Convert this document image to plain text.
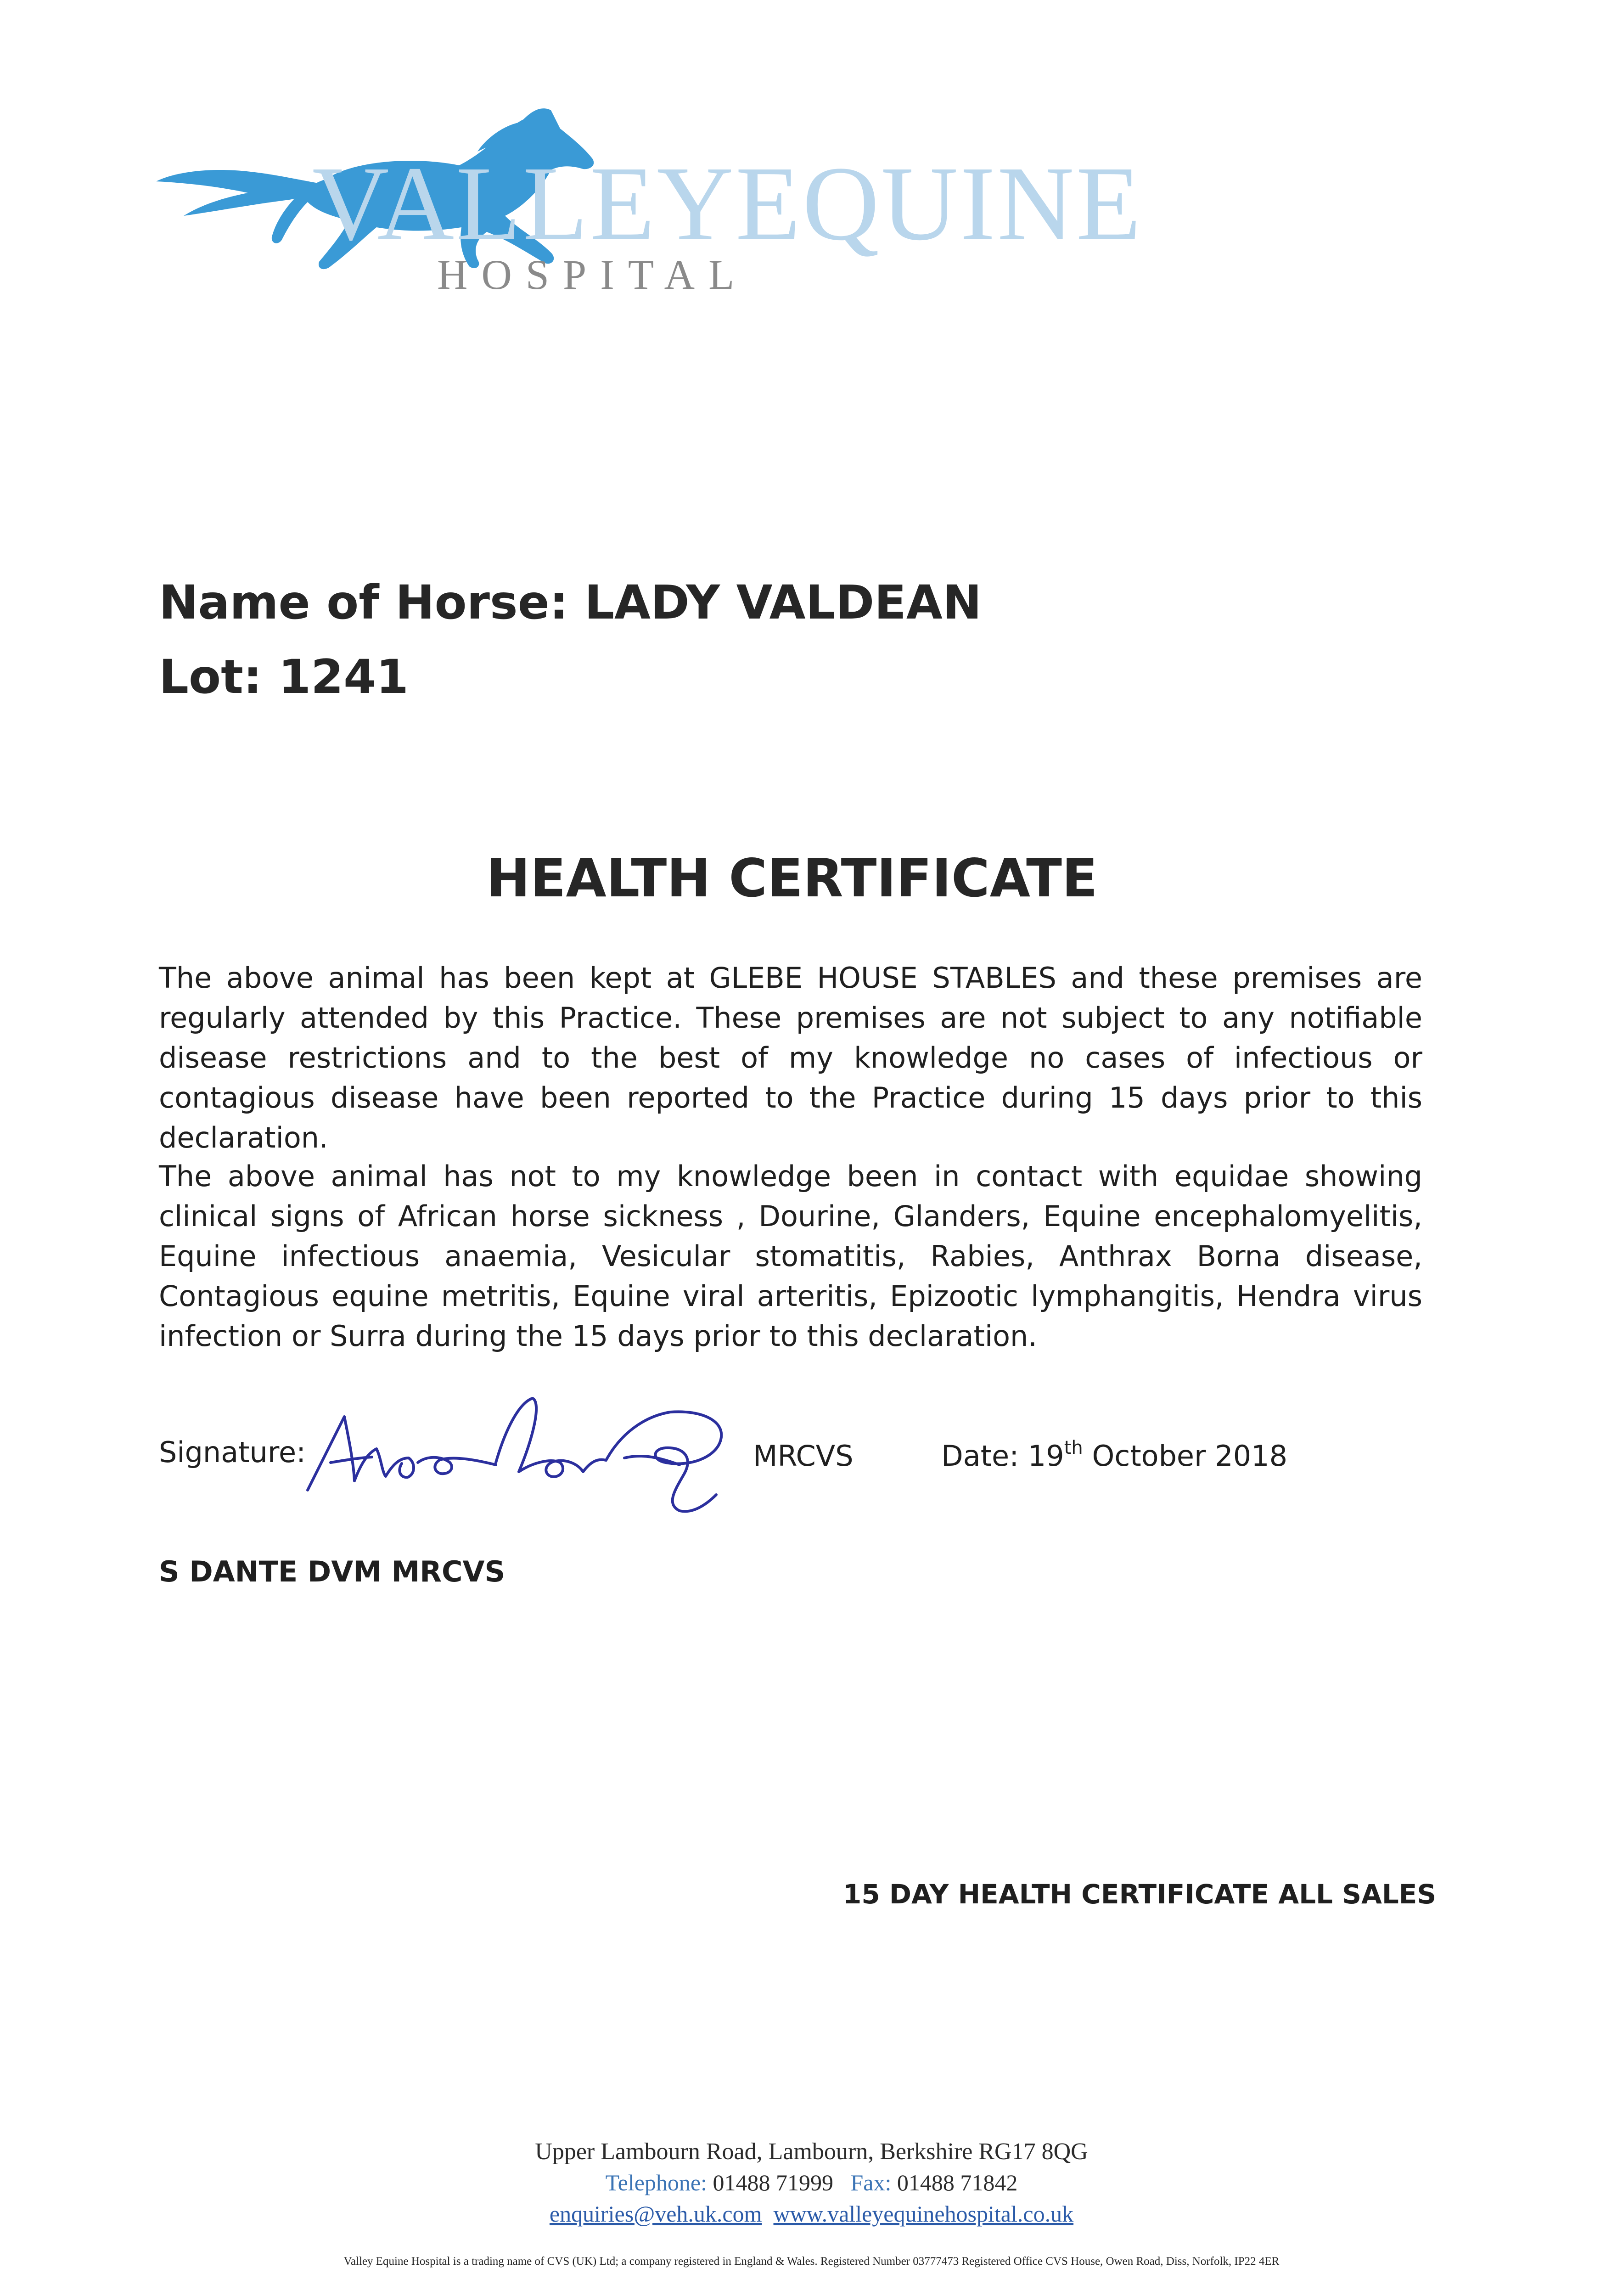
VALLEYEQUINE
HOSPITAL
Name of Horse: LADY VALDEAN
Lot: 1241
HEALTH CERTIFICATE
The above animal has been kept at GLEBE HOUSE STABLES and these premises are regularly attended by this Practice. These premises are not subject to any notifiable disease restrictions and to the best of my knowledge no cases of infectious or contagious disease have been reported to the Practice during 15 days prior to this declaration.
The above animal has not to my knowledge been in contact with equidae showing clinical signs of African horse sickness , Dourine, Glanders, Equine encephalomyelitis, Equine infectious anaemia, Vesicular stomatitis, Rabies, Anthrax Borna disease, Contagious equine metritis, Equine viral arteritis, Epizootic lymphangitis, Hendra virus infection or Surra during the 15 days prior to this declaration.
Signature:	MRCVS	Date: 19th October 2018
S DANTE DVM MRCVS
15 DAY HEALTH CERTIFICATE ALL SALES
Upper Lambourn Road, Lambourn, Berkshire RG17 8QG
Telephone: 01488 71999 Fax: 01488 71842
enquiries@veh.uk.com www.valleyequinehospital.co.uk
Valley Equine Hospital is a trading name of CVS (UK) Ltd; a company registered in England & Wales. Registered Number 03777473 Registered Office CVS House, Owen Road, Diss, Norfolk, IP22 4ER
